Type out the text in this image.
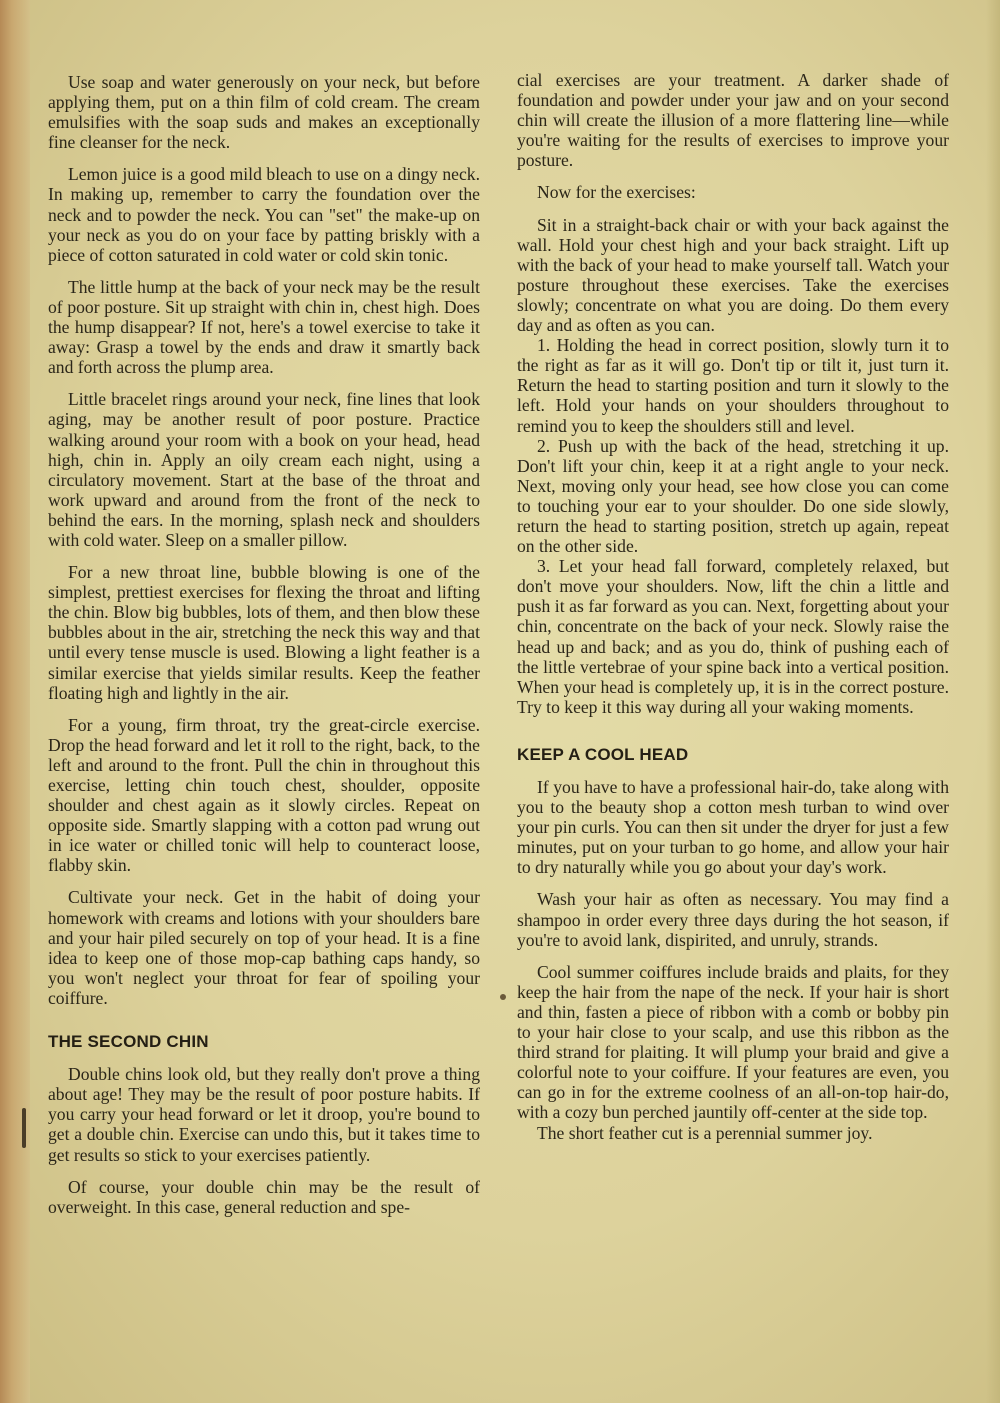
Use soap and water generously on your neck, but before applying them, put on a thin film of cold cream. The cream emulsifies with the soap suds and makes an exceptionally fine cleanser for the neck.

Lemon juice is a good mild bleach to use on a dingy neck. In making up, remember to carry the foundation over the neck and to powder the neck. You can "set" the make-up on your neck as you do on your face by patting briskly with a piece of cotton saturated in cold water or cold skin tonic.

The little hump at the back of your neck may be the result of poor posture. Sit up straight with chin in, chest high. Does the hump disappear? If not, here's a towel exercise to take it away: Grasp a towel by the ends and draw it smartly back and forth across the plump area.

Little bracelet rings around your neck, fine lines that look aging, may be another result of poor posture. Practice walking around your room with a book on your head, head high, chin in. Apply an oily cream each night, using a circulatory movement. Start at the base of the throat and work upward and around from the front of the neck to behind the ears. In the morning, splash neck and shoulders with cold water. Sleep on a smaller pillow.

For a new throat line, bubble blowing is one of the simplest, prettiest exercises for flexing the throat and lifting the chin. Blow big bubbles, lots of them, and then blow these bubbles about in the air, stretching the neck this way and that until every tense muscle is used. Blowing a light feather is a similar exercise that yields similar results. Keep the feather floating high and lightly in the air.

For a young, firm throat, try the great-circle exercise. Drop the head forward and let it roll to the right, back, to the left and around to the front. Pull the chin in throughout this exercise, letting chin touch chest, shoulder, opposite shoulder and chest again as it slowly circles. Repeat on opposite side. Smartly slapping with a cotton pad wrung out in ice water or chilled tonic will help to counteract loose, flabby skin.

Cultivate your neck. Get in the habit of doing your homework with creams and lotions with your shoulders bare and your hair piled securely on top of your head. It is a fine idea to keep one of those mop-cap bathing caps handy, so you won't neglect your throat for fear of spoiling your coiffure.

THE SECOND CHIN

Double chins look old, but they really don't prove a thing about age! They may be the result of poor posture habits. If you carry your head forward or let it droop, you're bound to get a double chin. Exercise can undo this, but it takes time to get results so stick to your exercises patiently.

Of course, your double chin may be the result of overweight. In this case, general reduction and spe-

cial exercises are your treatment. A darker shade of foundation and powder under your jaw and on your second chin will create the illusion of a more flattering line—while you're waiting for the results of exercises to improve your posture.

Now for the exercises:

Sit in a straight-back chair or with your back against the wall. Hold your chest high and your back straight. Lift up with the back of your head to make yourself tall. Watch your posture throughout these exercises. Take the exercises slowly; concentrate on what you are doing. Do them every day and as often as you can.

1. Holding the head in correct position, slowly turn it to the right as far as it will go. Don't tip or tilt it, just turn it. Return the head to starting position and turn it slowly to the left. Hold your hands on your shoulders throughout to remind you to keep the shoulders still and level.

2. Push up with the back of the head, stretching it up. Don't lift your chin, keep it at a right angle to your neck. Next, moving only your head, see how close you can come to touching your ear to your shoulder. Do one side slowly, return the head to starting position, stretch up again, repeat on the other side.

3. Let your head fall forward, completely relaxed, but don't move your shoulders. Now, lift the chin a little and push it as far forward as you can. Next, forgetting about your chin, concentrate on the back of your neck. Slowly raise the head up and back; and as you do, think of pushing each of the little vertebrae of your spine back into a vertical position. When your head is completely up, it is in the correct posture. Try to keep it this way during all your waking moments.

KEEP A COOL HEAD

If you have to have a professional hair-do, take along with you to the beauty shop a cotton mesh turban to wind over your pin curls. You can then sit under the dryer for just a few minutes, put on your turban to go home, and allow your hair to dry naturally while you go about your day's work.

Wash your hair as often as necessary. You may find a shampoo in order every three days during the hot season, if you're to avoid lank, dispirited, and unruly, strands.

Cool summer coiffures include braids and plaits, for they keep the hair from the nape of the neck. If your hair is short and thin, fasten a piece of ribbon with a comb or bobby pin to your hair close to your scalp, and use this ribbon as the third strand for plaiting. It will plump your braid and give a colorful note to your coiffure. If your features are even, you can go in for the extreme coolness of an all-on-top hair-do, with a cozy bun perched jauntily off-center at the side top.

The short feather cut is a perennial summer joy.
